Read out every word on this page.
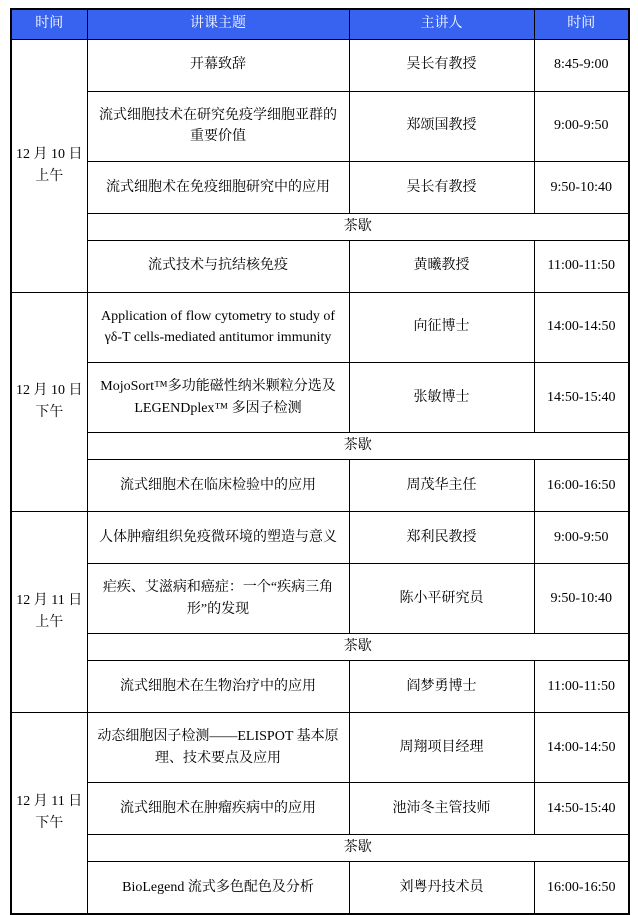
时间	讲课主题	主讲人	时间

12 月 10 日
上午	开幕致辞	吴长有教授	8:45-9:00
	流式细胞技术在研究免疫学细胞亚群的重要价值	郑颂国教授	9:00-9:50
	流式细胞术在免疫细胞研究中的应用	吴长有教授	9:50-10:40
	茶歇		
	流式技术与抗结核免疫	黄曦教授	11:00-11:50

12 月 10 日
下午	Application of flow cytometry to study of γδ-T cells-mediated antitumor immunity	向征博士	14:00-14:50
	MojoSort™多功能磁性纳米颗粒分选及LEGENDplex™ 多因子检测	张敏博士	14:50-15:40
	茶歇		
	流式细胞术在临床检验中的应用	周茂华主任	16:00-16:50

12 月 11 日
上午	人体肿瘤组织免疫微环境的塑造与意义	郑利民教授	9:00-9:50
	疟疾、艾滋病和癌症：一个“疾病三角形”的发现	陈小平研究员	9:50-10:40
	茶歇		
	流式细胞术在生物治疗中的应用	阎梦勇博士	11:00-11:50

12 月 11 日
下午	动态细胞因子检测——ELISPOT 基本原理、技术要点及应用	周翔项目经理	14:00-14:50
	流式细胞术在肿瘤疾病中的应用	池沛冬主管技师	14:50-15:40
	茶歇		
	BioLegend 流式多色配色及分析	刘粤丹技术员	16:00-16:50
